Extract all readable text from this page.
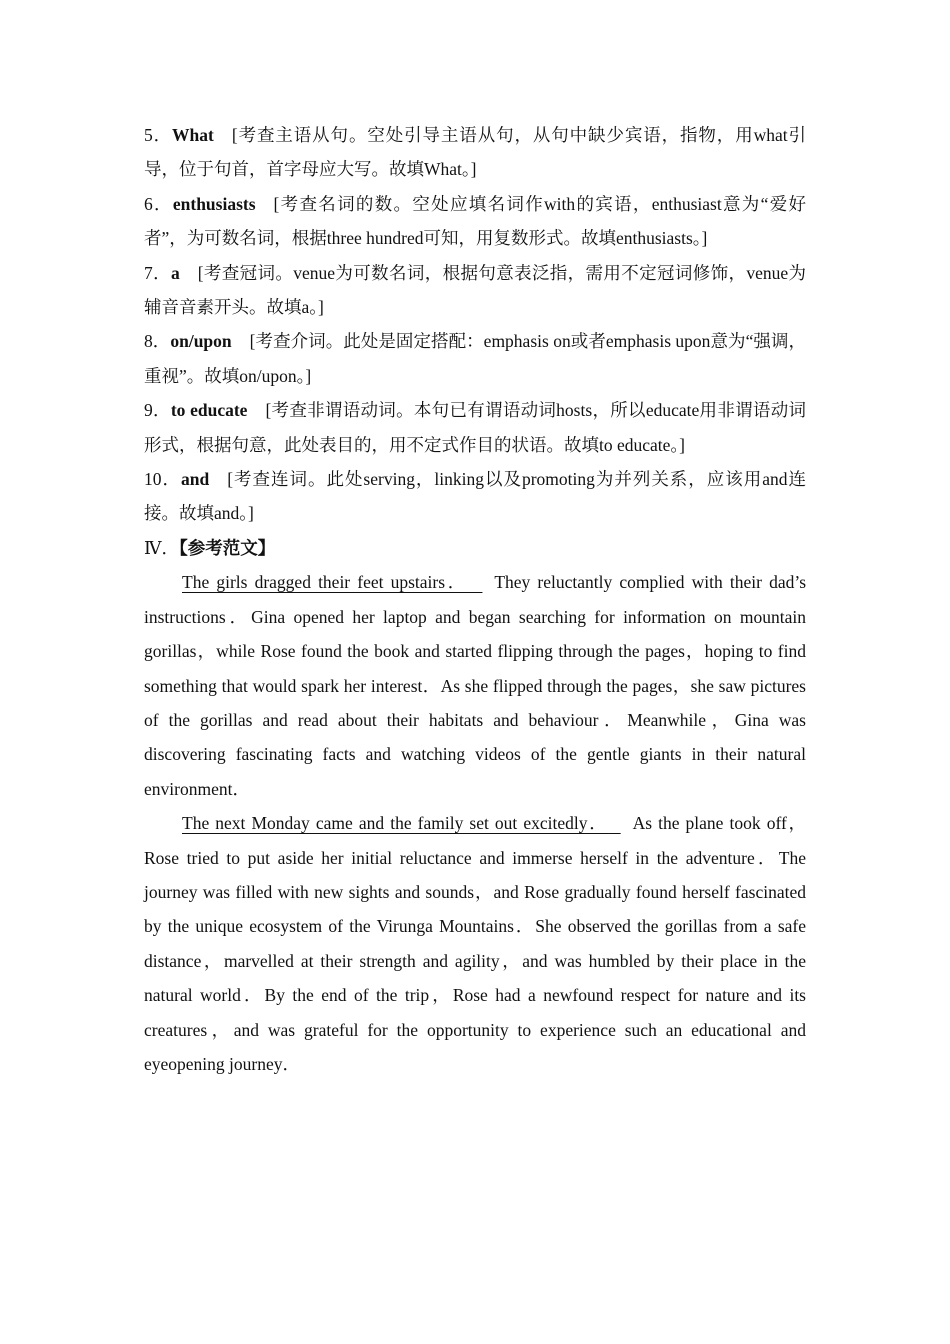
5．What [考查主语从句。空处引导主语从句，从句中缺少宾语，指物，用what引导，位于句首，首字母应大写。故填What。]

6．enthusiasts [考查名词的数。空处应填名词作with的宾语，enthusiast意为“爱好者”，为可数名词，根据three hundred可知，用复数形式。故填enthusiasts。]

7．a [考查冠词。venue为可数名词，根据句意表泛指，需用不定冠词修饰，venue为辅音音素开头。故填a。]

8．on/upon [考查介词。此处是固定搭配：emphasis on或者emphasis upon意为“强调，重视”。故填on/upon。]

9．to educate [考查非谓语动词。本句已有谓语动词hosts，所以educate用非谓语动词形式，根据句意，此处表目的，用不定式作目的状语。故填to educate。]

10．and [考查连词。此处serving，linking以及promoting为并列关系，应该用and连接。故填and。]

Ⅳ．【参考范文】

The girls dragged their feet upstairs． They reluctantly complied with their dad’s instructions．Gina opened her laptop and began searching for information on mountain gorillas，while Rose found the book and started flipping through the pages，hoping to find something that would spark her interest．As she flipped through the pages，she saw pictures of the gorillas and read about their habitats and behaviour．Meanwhile，Gina was discovering fascinating facts and watching videos of the gentle giants in their natural environment．

The next Monday came and the family set out excitedly． As the plane took off，Rose tried to put aside her initial reluctance and immerse herself in the adventure．The journey was filled with new sights and sounds，and Rose gradually found herself fascinated by the unique ecosystem of the Virunga Mountains．She observed the gorillas from a safe distance，marvelled at their strength and agility，and was humbled by their place in the natural world．By the end of the trip，Rose had a newfound respect for nature and its creatures，and was grateful for the opportunity to experience such an educational and eyeopening journey．
